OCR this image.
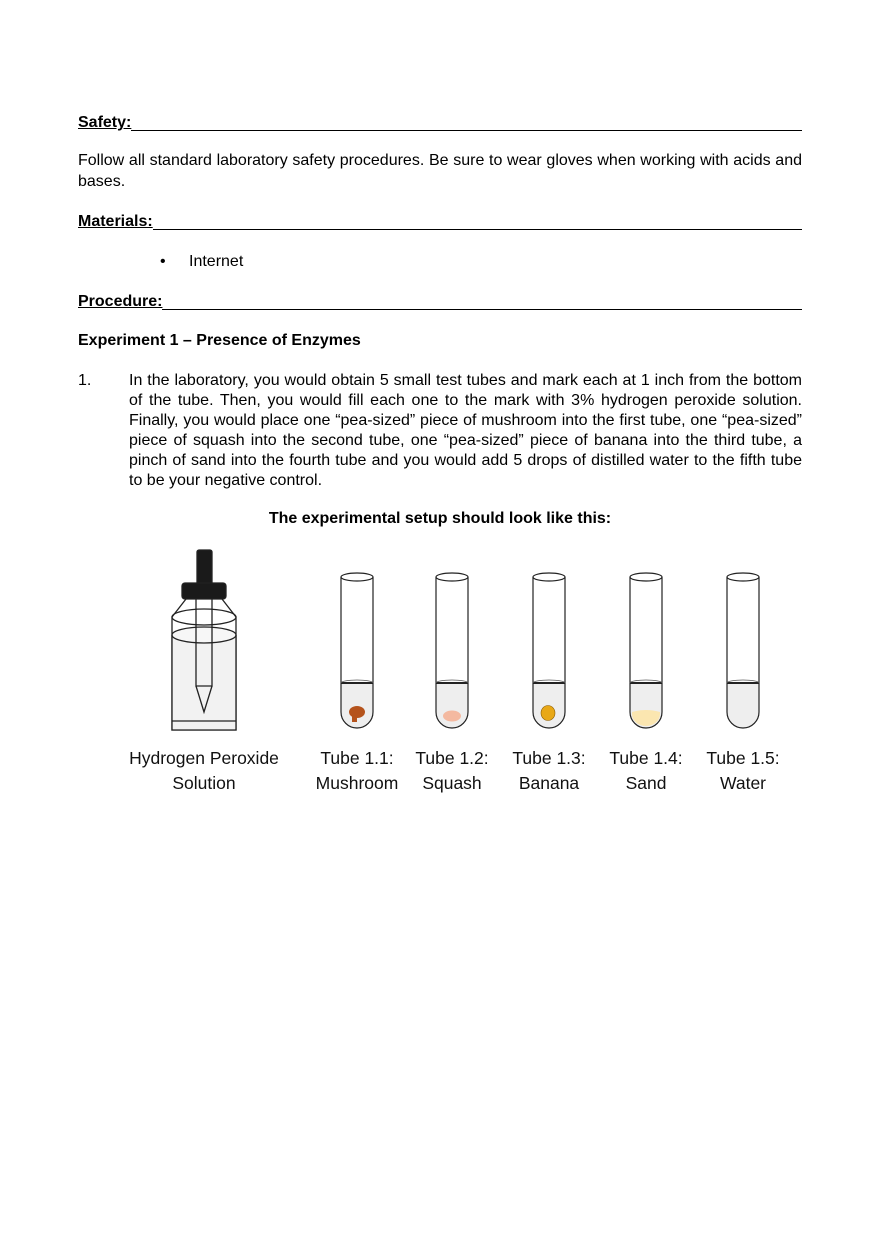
Safety:
Follow all standard laboratory safety procedures. Be sure to wear gloves when working with acids and bases.
Materials:
• Internet
Procedure:
Experiment 1 – Presence of Enzymes
1. In the laboratory, you would obtain 5 small test tubes and mark each at 1 inch from the bottom of the tube. Then, you would fill each one to the mark with 3% hydrogen peroxide solution. Finally, you would place one “pea-sized” piece of mushroom into the first tube, one “pea-sized” piece of squash into the second tube, one “pea-sized” piece of banana into the third tube, a pinch of sand into the fourth tube and you would add 5 drops of distilled water to the fifth tube to be your negative control.
The experimental setup should look like this:
Tube 1.1:
Mushroom
Tube 1.2:
Squash
Tube 1.3:
Banana
Tube 1.4:
Sand
Tube 1.5:
Water
Hydrogen Peroxide
Solution
